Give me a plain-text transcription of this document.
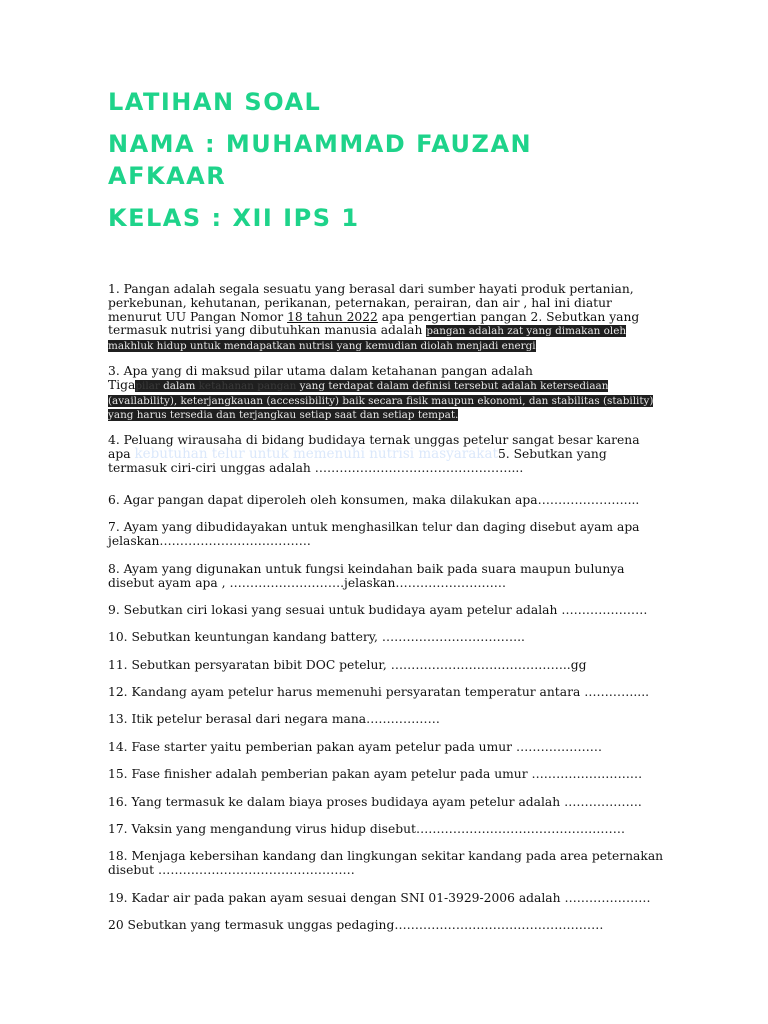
LATIHAN SOAL
NAMA : MUHAMMAD FAUZAN
AFKAAR
KELAS : XII IPS 1

1. Pangan adalah segala sesuatu yang berasal dari sumber hayati produk pertanian, perkebunan, kehutanan, perikanan, peternakan, perairan, dan air , hal ini diatur menurut UU Pangan Nomor 18 tahun 2022 apa pengertian pangan 2. Sebutkan yang termasuk nutrisi yang dibutuhkan manusia adalah pangan adalah zat yang dimakan oleh makhluk hidup untuk mendapatkan nutrisi yang kemudian diolah menjadi energi

3. Apa yang di maksud pilar utama dalam ketahanan pangan adalah
Tigapilar dalam ketahanan pangan yang terdapat dalam definisi tersebut adalah ketersediaan (availability), keterjangkauan (accessibility) baik secara fisik maupun ekonomi, dan stabilitas (stability) yang harus tersedia dan terjangkau setiap saat dan setiap tempat.

4. Peluang wirausaha di bidang budidaya ternak unggas petelur sangat besar karena apa kebutuhan telur untuk memenuhi nutrisi masyarakat5. Sebutkan yang termasuk ciri-ciri unggas adalah …………………………………………...

6. Agar pangan dapat diperoleh oleh konsumen, maka dilakukan apa…………………....

7. Ayam yang dibudidayakan untuk menghasilkan telur dan daging disebut ayam apa jelaskan……………………………….

8. Ayam yang digunakan untuk fungsi keindahan baik pada suara maupun bulunya disebut ayam apa , ……………………….jelaskan………………………

9. Sebutkan ciri lokasi yang sesuai untuk budidaya ayam petelur adalah …………………

10. Sebutkan keuntungan kandang battery, ……………………………..

11. Sebutkan persyaratan bibit DOC petelur, ……………………………………..gg

12. Kandang ayam petelur harus memenuhi persyaratan temperatur antara …………....

13. Itik petelur berasal dari negara mana………………

14. Fase starter yaitu pemberian pakan ayam petelur pada umur …………………

15. Fase finisher adalah pemberian pakan ayam petelur pada umur ………………………

16. Yang termasuk ke dalam biaya proses budidaya ayam petelur adalah ……………….

17. Vaksin yang mengandung virus hidup disebut……………………………………………

18. Menjaga kebersihan kandang dan lingkungan sekitar kandang pada area peternakan disebut …………………………………………

19. Kadar air pada pakan ayam sesuai dengan SNI 01-3929-2006 adalah …………………

20 Sebutkan yang termasuk unggas pedaging……………………………………………
